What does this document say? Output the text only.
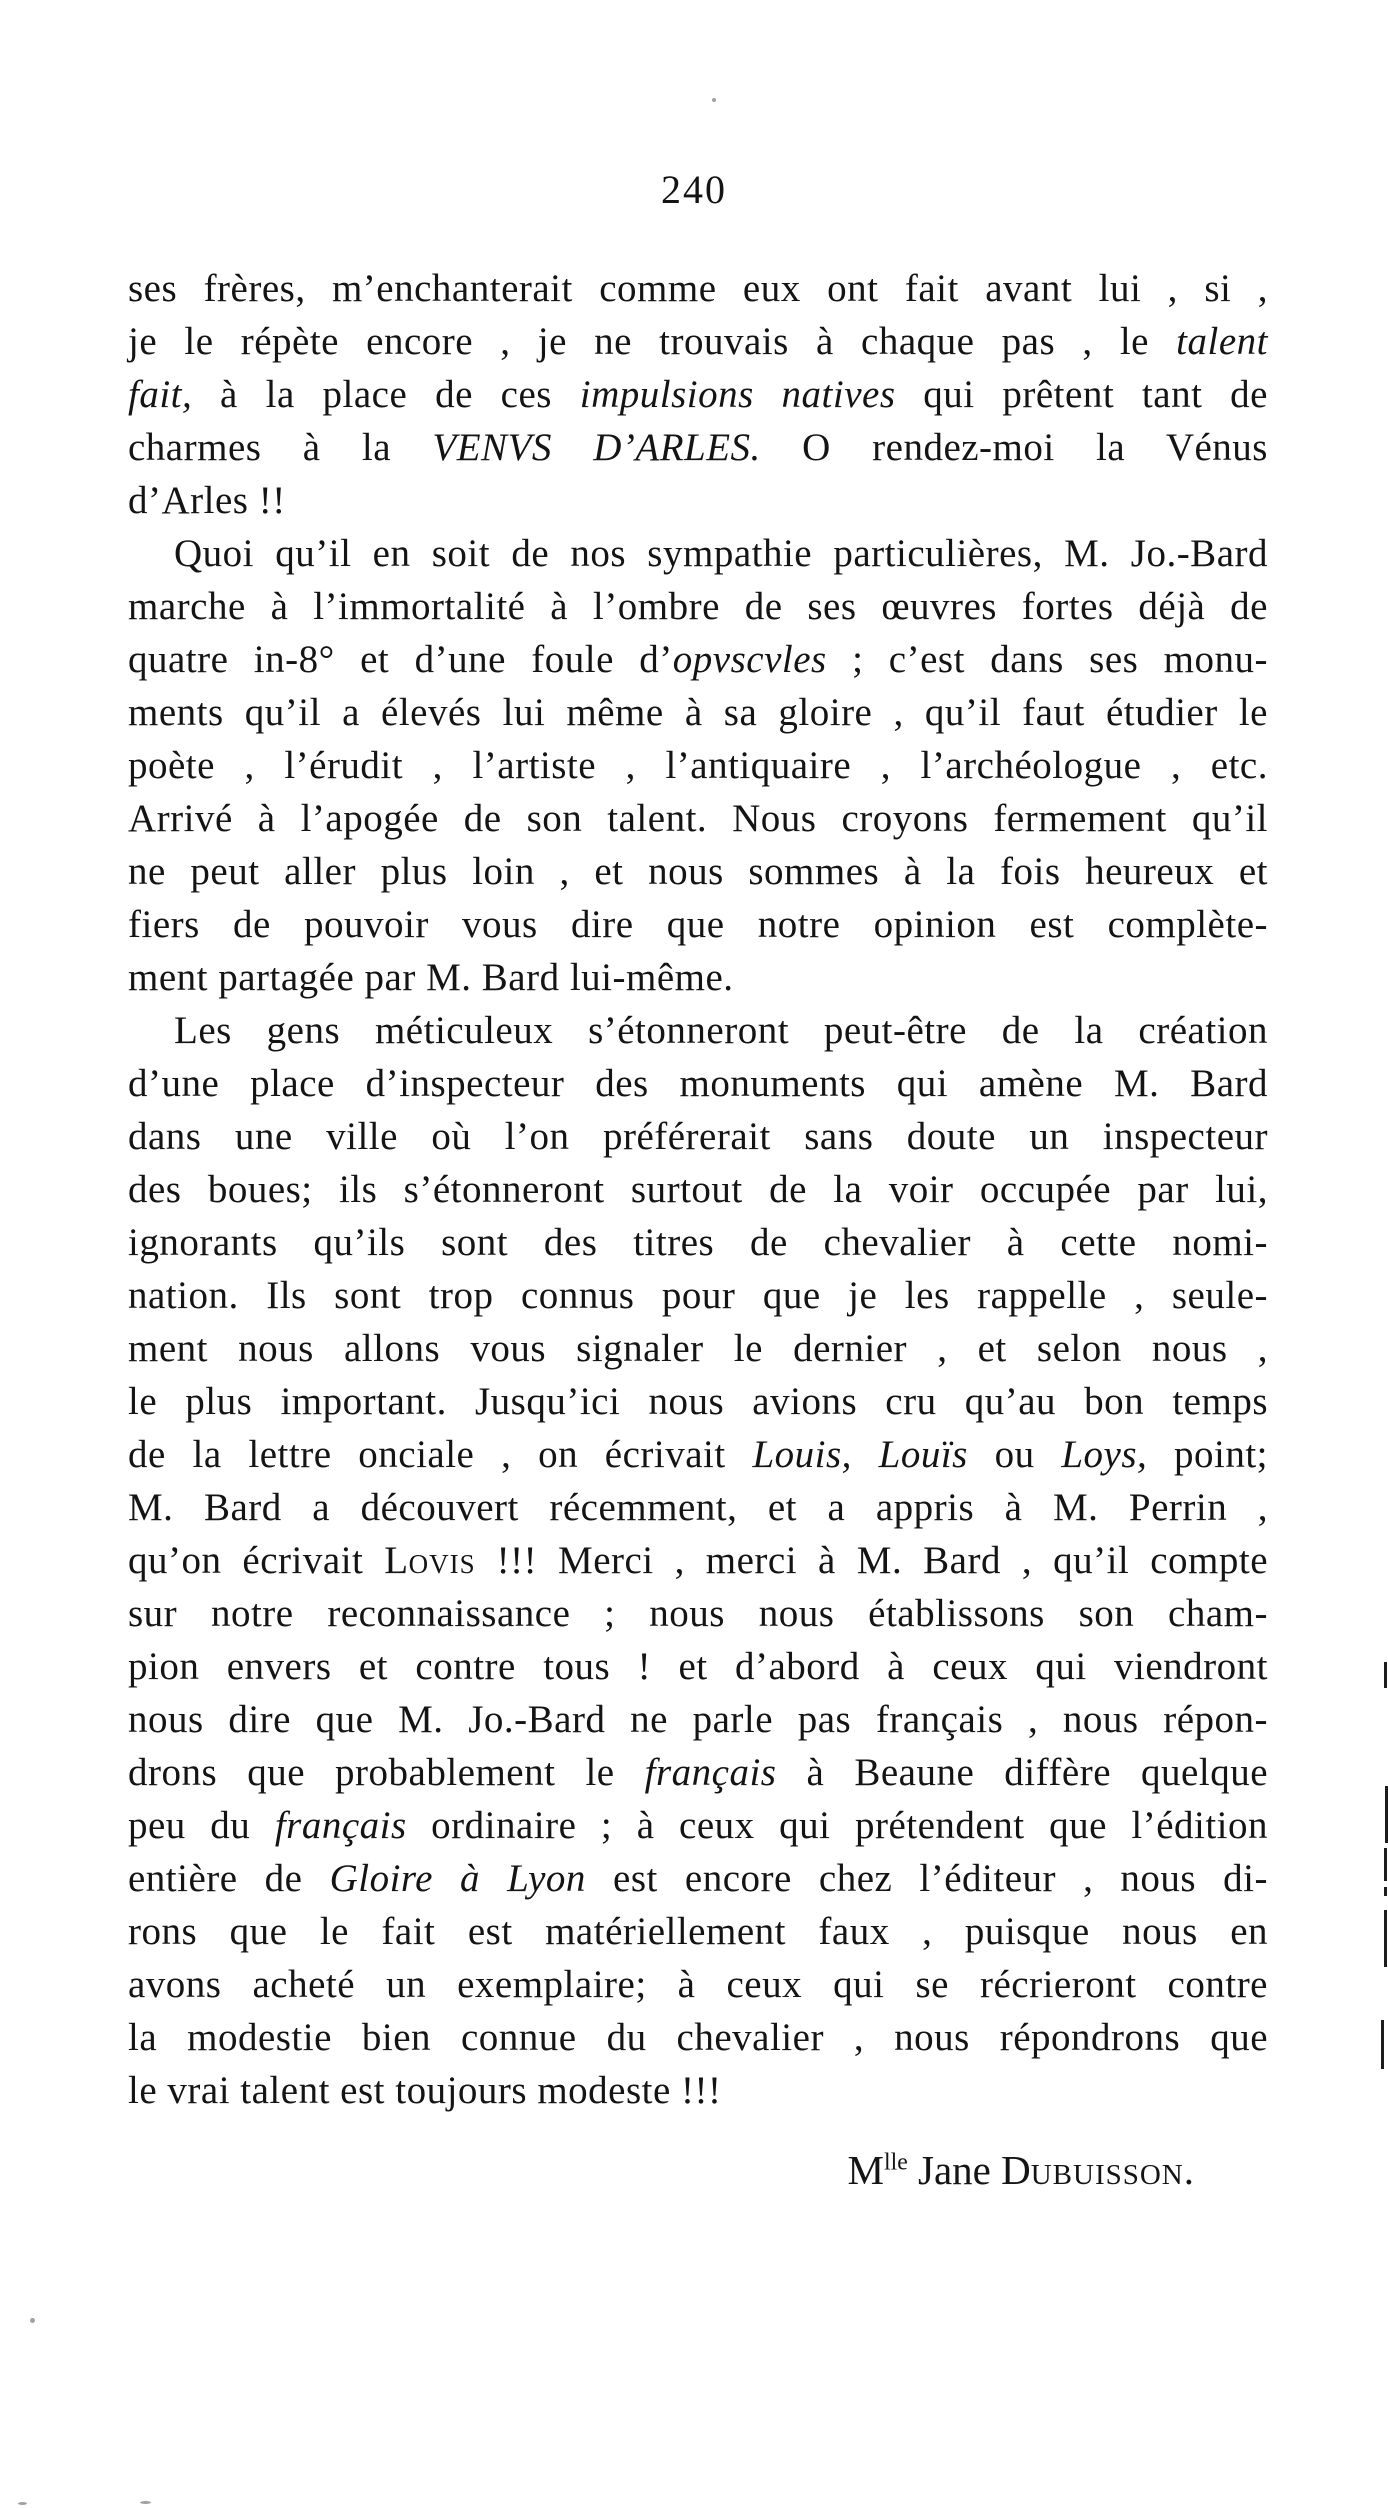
240
ses frères, m’enchanterait comme eux ont fait avant lui , si ,
je le répète encore , je ne trouvais à chaque pas , le talent
fait, à la place de ces impulsions natives qui prêtent tant de
charmes à la VENVS D’ARLES. O rendez-moi la Vénus
d’Arles !!
Quoi qu’il en soit de nos sympathie particulières, M. Jo.-Bard
marche à l’immortalité à l’ombre de ses œuvres fortes déjà de
quatre in-8° et d’une foule d’opvscvles ; c’est dans ses monu-
ments qu’il a élevés lui même à sa gloire , qu’il faut étudier le
poète , l’érudit , l’artiste , l’antiquaire , l’archéologue , etc.
Arrivé à l’apogée de son talent. Nous croyons fermement qu’il
ne peut aller plus loin , et nous sommes à la fois heureux et
fiers de pouvoir vous dire que notre opinion est complète-
ment partagée par M. Bard lui-même.
Les gens méticuleux s’étonneront peut-être de la création
d’une place d’inspecteur des monuments qui amène M. Bard
dans une ville où l’on préférerait sans doute un inspecteur
des boues; ils s’étonneront surtout de la voir occupée par lui,
ignorants qu’ils sont des titres de chevalier à cette nomi-
nation. Ils sont trop connus pour que je les rappelle , seule-
ment nous allons vous signaler le dernier , et selon nous ,
le plus important. Jusqu’ici nous avions cru qu’au bon temps
de la lettre onciale , on écrivait Louis, Louïs ou Loys, point;
M. Bard a découvert récemment, et a appris à M. Perrin ,
qu’on écrivait Lovis !!! Merci , merci à M. Bard , qu’il compte
sur notre reconnaissance ; nous nous établissons son cham-
pion envers et contre tous ! et d’abord à ceux qui viendront
nous dire que M. Jo.-Bard ne parle pas français , nous répon-
drons que probablement le français à Beaune diffère quelque
peu du français ordinaire ; à ceux qui prétendent que l’édition
entière de Gloire à Lyon est encore chez l’éditeur , nous di-
rons que le fait est matériellement faux , puisque nous en
avons acheté un exemplaire; à ceux qui se récrieront contre
la modestie bien connue du chevalier , nous répondrons que
le vrai talent est toujours modeste !!!
$M^{lle}$ Jane Dubuisson.
